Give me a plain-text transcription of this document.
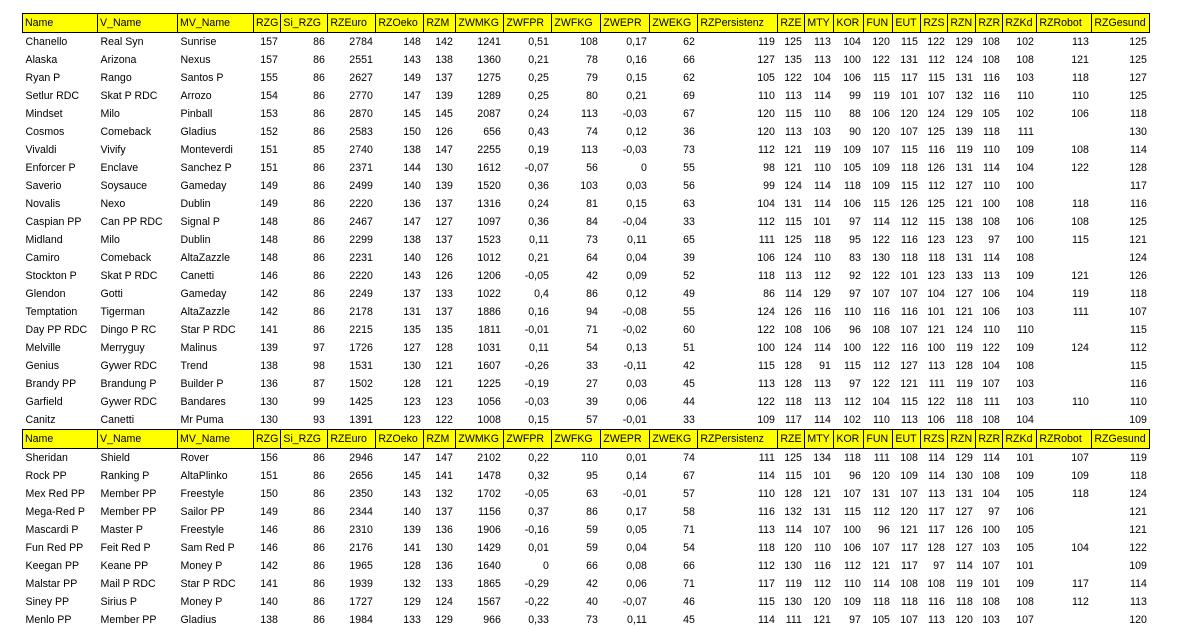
Name	V_Name	MV_Name	RZG	Si_RZG	RZEuro	RZOeko	RZM	ZWMKG	ZWFPR	ZWFKG	ZWEPR	ZWEKG	RZPersistenz	RZE	MTY	KOR	FUN	EUT	RZS	RZN	RZR	RZKd	RZRobot	RZGesund
Chanello	Real Syn	Sunrise	157	86	2784	148	142	1241	0,51	108	0,17	62	119	125	113	104	120	115	122	129	108	102	113	125
Alaska	Arizona	Nexus	157	86	2551	143	138	1360	0,21	78	0,16	66	127	135	113	100	122	131	112	124	108	108	121	125
Ryan P	Rango	Santos P	155	86	2627	149	137	1275	0,25	79	0,15	62	105	122	104	106	115	117	115	131	116	103	118	127
Setlur RDC	Skat P RDC	Arrozo	154	86	2770	147	139	1289	0,25	80	0,21	69	110	113	114	99	119	101	107	132	116	110	110	125
Mindset	Milo	Pinball	153	86	2870	145	145	2087	0,24	113	-0,03	67	120	115	110	88	106	120	124	129	105	102	106	118
Cosmos	Comeback	Gladius	152	86	2583	150	126	656	0,43	74	0,12	36	120	113	103	90	120	107	125	139	118	111		130
Vivaldi	Vivify	Monteverdi	151	85	2740	138	147	2255	0,19	113	-0,03	73	112	121	119	109	107	115	116	119	110	109	108	114
Enforcer P	Enclave	Sanchez P	151	86	2371	144	130	1612	-0,07	56	0	55	98	121	110	105	109	118	126	131	114	104	122	128
Saverio	Soysauce	Gameday	149	86	2499	140	139	1520	0,36	103	0,03	56	99	124	114	118	109	115	112	127	110	100		117
Novalis	Nexo	Dublin	149	86	2220	136	137	1316	0,24	81	0,15	63	104	131	114	106	115	126	125	121	100	108	118	116
Caspian PP	Can PP RDC	Signal P	148	86	2467	147	127	1097	0,36	84	-0,04	33	112	115	101	97	114	112	115	138	108	106	108	125
Midland	Milo	Dublin	148	86	2299	138	137	1523	0,11	73	0,11	65	111	125	118	95	122	116	123	123	97	100	115	121
Camiro	Comeback	AltaZazzle	148	86	2231	140	126	1012	0,21	64	0,04	39	106	124	110	83	130	118	118	131	114	108		124
Stockton P	Skat P RDC	Canetti	146	86	2220	143	126	1206	-0,05	42	0,09	52	118	113	112	92	122	101	123	133	113	109	121	126
Glendon	Gotti	Gameday	142	86	2249	137	133	1022	0,4	86	0,12	49	86	114	129	97	107	107	104	127	106	104	119	118
Temptation	Tigerman	AltaZazzle	142	86	2178	131	137	1886	0,16	94	-0,08	55	124	126	116	110	116	116	101	121	106	103	111	107
Day PP RDC	Dingo P RC	Star P RDC	141	86	2215	135	135	1811	-0,01	71	-0,02	60	122	108	106	96	108	107	121	124	110	110		115
Melville	Merryguy	Malinus	139	97	1726	127	128	1031	0,11	54	0,13	51	100	124	114	100	122	116	100	119	122	109	124	112
Genius	Gywer RDC	Trend	138	98	1531	130	121	1607	-0,26	33	-0,11	42	115	128	91	115	112	127	113	128	104	108		115
Brandy PP	Brandung P	Builder P	136	87	1502	128	121	1225	-0,19	27	0,03	45	113	128	113	97	122	121	111	119	107	103		116
Garfield	Gywer RDC	Bandares	130	99	1425	123	123	1056	-0,03	39	0,06	44	122	118	113	112	104	115	122	118	111	103	110	110
Canitz	Canetti	Mr Puma	130	93	1391	123	122	1008	0,15	57	-0,01	33	109	117	114	102	110	113	106	118	108	104		109
Name	V_Name	MV_Name	RZG	Si_RZG	RZEuro	RZOeko	RZM	ZWMKG	ZWFPR	ZWFKG	ZWEPR	ZWEKG	RZPersistenz	RZE	MTY	KOR	FUN	EUT	RZS	RZN	RZR	RZKd	RZRobot	RZGesund
Sheridan	Shield	Rover	156	86	2946	147	147	2102	0,22	110	0,01	74	111	125	134	118	111	108	114	129	114	101	107	119
Rock PP	Ranking P	AltaPlinko	151	86	2656	145	141	1478	0,32	95	0,14	67	114	115	101	96	120	109	114	130	108	109	109	118
Mex Red PP	Member PP	Freestyle	150	86	2350	143	132	1702	-0,05	63	-0,01	57	110	128	121	107	131	107	113	131	104	105	118	124
Mega-Red P	Member PP	Sailor PP	149	86	2344	140	137	1156	0,37	86	0,17	58	116	132	131	115	112	120	117	127	97	106		121
Mascardi P	Master P	Freestyle	146	86	2310	139	136	1906	-0,16	59	0,05	71	113	114	107	100	96	121	117	126	100	105		121
Fun Red PP	Feit Red P	Sam Red P	146	86	2176	141	130	1429	0,01	59	0,04	54	118	120	110	106	107	117	128	127	103	105	104	122
Keegan PP	Keane PP	Money P	142	86	1965	128	136	1640	0	66	0,08	66	112	130	116	112	121	117	97	114	107	101		109
Malstar PP	Mail P RDC	Star P RDC	141	86	1939	132	133	1865	-0,29	42	0,06	71	117	119	112	110	114	108	108	119	101	109	117	114
Siney PP	Sirius P	Money P	140	86	1727	129	124	1567	-0,22	40	-0,07	46	115	130	120	109	118	118	116	118	108	108	112	113
Menlo PP	Member PP	Gladius	138	86	1984	133	129	966	0,33	73	0,11	45	114	111	121	97	105	107	113	120	103	107		120
